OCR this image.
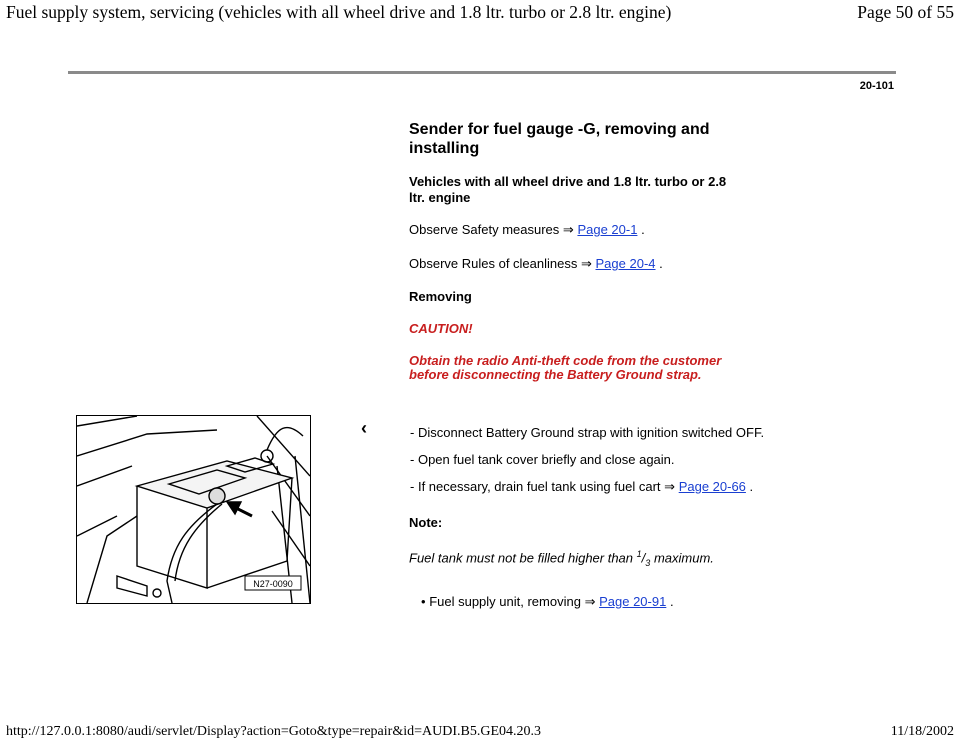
Fuel supply system, servicing (vehicles with all wheel drive and 1.8 ltr. turbo or 2.8 ltr. engine)	Page 50 of 55
20-101
Sender for fuel gauge -G, removing and installing
Vehicles with all wheel drive and 1.8 ltr. turbo or 2.8 ltr. engine
Observe Safety measures ⇒ Page 20-1 .
Observe Rules of cleanliness ⇒ Page 20-4 .
Removing
CAUTION!
Obtain the radio Anti-theft code from the customer before disconnecting the Battery Ground strap.
N27-0090
‹	- Disconnect Battery Ground strap with ignition switched OFF.
- Open fuel tank cover briefly and close again.
- If necessary, drain fuel tank using fuel cart ⇒ Page 20-66 .
Note:
Fuel tank must not be filled higher than $^1/_3$ maximum.
• Fuel supply unit, removing ⇒ Page 20-91 .
http://127.0.0.1:8080/audi/servlet/Display?action=Goto&type=repair&id=AUDI.B5.GE04.20.3	11/18/2002
